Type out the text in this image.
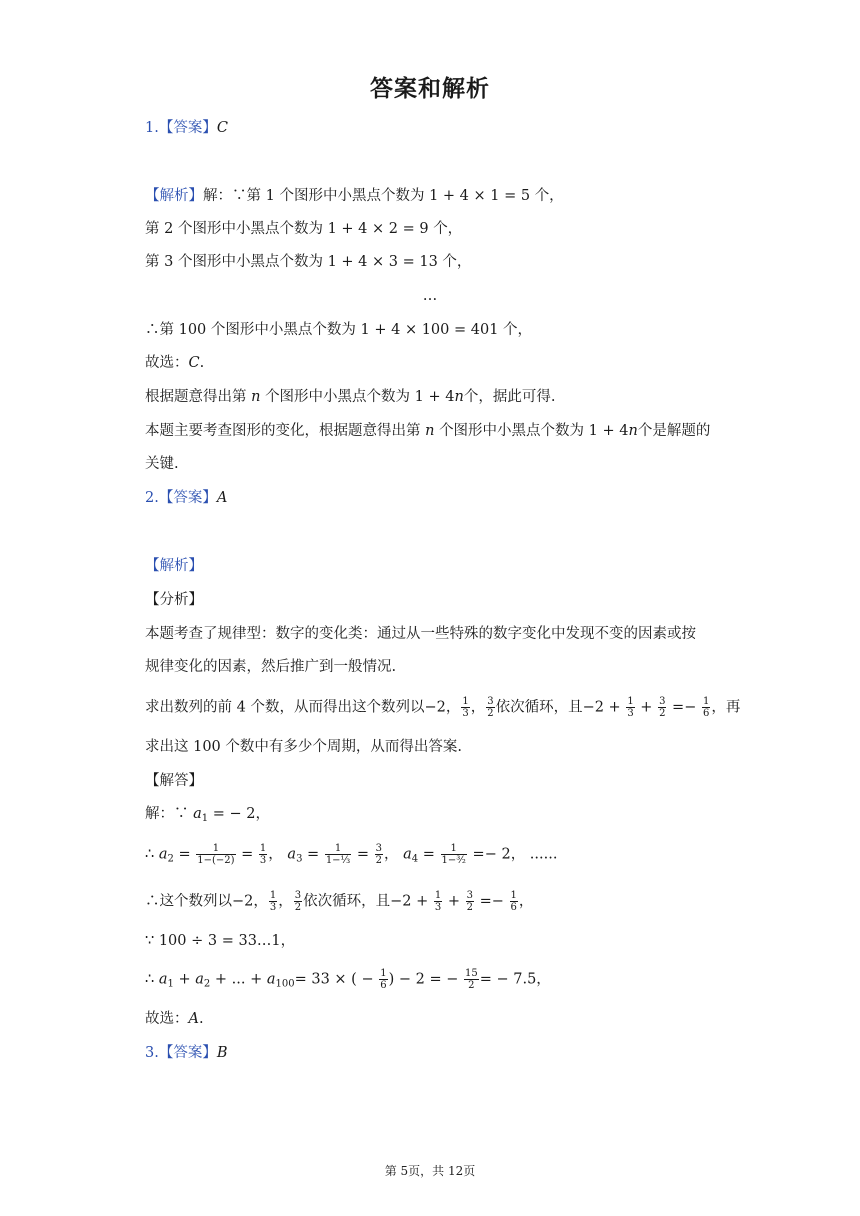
答案和解析
1.【答案】C
【解析】解：∵第 1 个图形中小黑点个数为 1 + 4 × 1 = 5 个，
第 2 个图形中小黑点个数为 1 + 4 × 2 = 9 个，
第 3 个图形中小黑点个数为 1 + 4 × 3 = 13 个，
…
∴第 100 个图形中小黑点个数为 1 + 4 × 100 = 401 个，
故选：C.
根据题意得出第 n 个图形中小黑点个数为 1 + 4n个，据此可得.
本题主要考查图形的变化，根据题意得出第 n 个图形中小黑点个数为 1 + 4n个是解题的
关键.
2.【答案】A
【解析】
【分析】
本题考查了规律型：数字的变化类：通过从一些特殊的数字变化中发现不变的因素或按
规律变化的因素，然后推广到一般情况.
求出数列的前 4 个数，从而得出这个数列以−2， $\frac{1}{3}$ ， $\frac{3}{2}$ 依次循环，且$-2 + \frac{1}{3} + \frac{3}{2} =- \frac{1}{6}$ ，再
求出这 100 个数中有多少个周期，从而得出答案.
【解答】
解：∵ $a_1$ = − 2，
∴ $a_2 = \frac{1}{1-(-2)} = \frac{1}{3}$ ， $a_3 = \frac{1}{\text{1−⅓}} = \frac{3}{2}$ ， $a_4 = \frac{1}{\text{1−³⁄₂}} =- 2$， ......
∴这个数列以−2， $\frac{1}{3}$ ， $\frac{3}{2}$ 依次循环，且$-2 + \frac{1}{3} + \frac{3}{2} =- \frac{1}{6}$ ，
∵ 100 ÷ 3 = 33…1，
∴ $a_1 + a_2$ + ... + $a_{100}= 33$ × ( − $\frac{1}{6}$ ) − 2 = − $\frac{15}{2}$ = − 7.5，
故选：A.
3.【答案】B
第 5页，共 12页
